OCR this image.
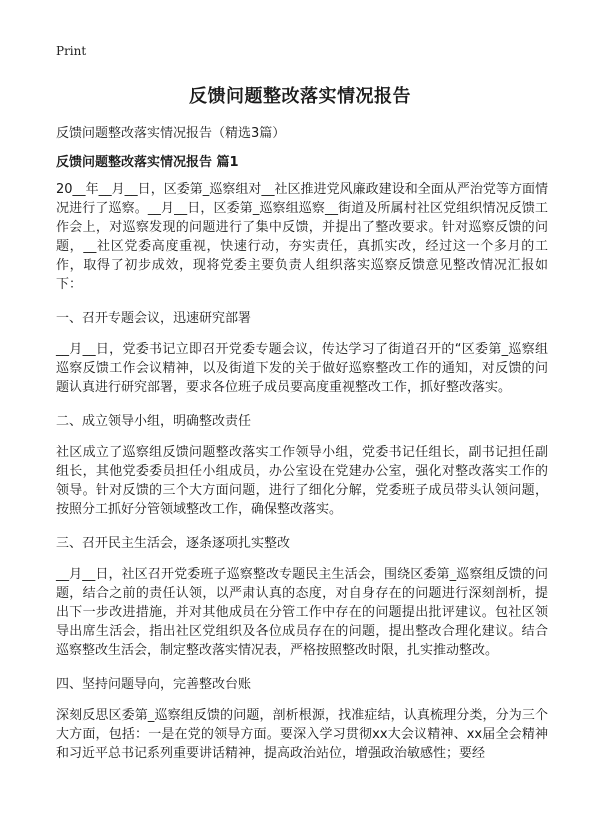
Print
反馈问题整改落实情况报告
反馈问题整改落实情况报告（精选3篇）
反馈问题整改落实情况报告 篇1

20__年__月__日，区委第_巡察组对__社区推进党风廉政建设和全面从严治党等方面情况进行了巡察。__月__日，区委第_巡察组巡察__街道及所属村社区党组织情况反馈工作会上，对巡察发现的问题进行了集中反馈，并提出了整改要求。针对巡察反馈的问题，__社区党委高度重视，快速行动，夯实责任，真抓实改，经过这一个多月的工作，取得了初步成效，现将党委主要负责人组织落实巡察反馈意见整改情况汇报如下：

一、召开专题会议，迅速研究部署

__月__日，党委书记立即召开党委专题会议，传达学习了街道召开的“区委第_巡察组巡察反馈工作会议精神，以及街道下发的关于做好巡察整改工作的通知，对反馈的问题认真进行研究部署，要求各位班子成员要高度重视整改工作，抓好整改落实。

二、成立领导小组，明确整改责任

社区成立了巡察组反馈问题整改落实工作领导小组，党委书记任组长，副书记担任副组长，其他党委委员担任小组成员，办公室设在党建办公室，强化对整改落实工作的领导。针对反馈的三个大方面问题，进行了细化分解，党委班子成员带头认领问题，按照分工抓好分管领域整改工作，确保整改落实。

三、召开民主生活会，逐条逐项扎实整改

__月__日，社区召开党委班子巡察整改专题民主生活会，围绕区委第_巡察组反馈的问题，结合之前的责任认领，以严肃认真的态度，对自身存在的问题进行深刻剖析，提出下一步改进措施，并对其他成员在分管工作中存在的问题提出批评建议。包社区领导出席生活会，指出社区党组织及各位成员存在的问题，提出整改合理化建议。结合巡察整改生活会，制定整改落实情况表，严格按照整改时限，扎实推动整改。

四、坚持问题导向，完善整改台账

深刻反思区委第_巡察组反馈的问题，剖析根源，找准症结，认真梳理分类，分为三个大方面，包括：一是在党的领导方面。要深入学习贯彻xx大会议精神、xx届全会精神和习近平总书记系列重要讲话精神，提高政治站位，增强政治敏感性；要经
